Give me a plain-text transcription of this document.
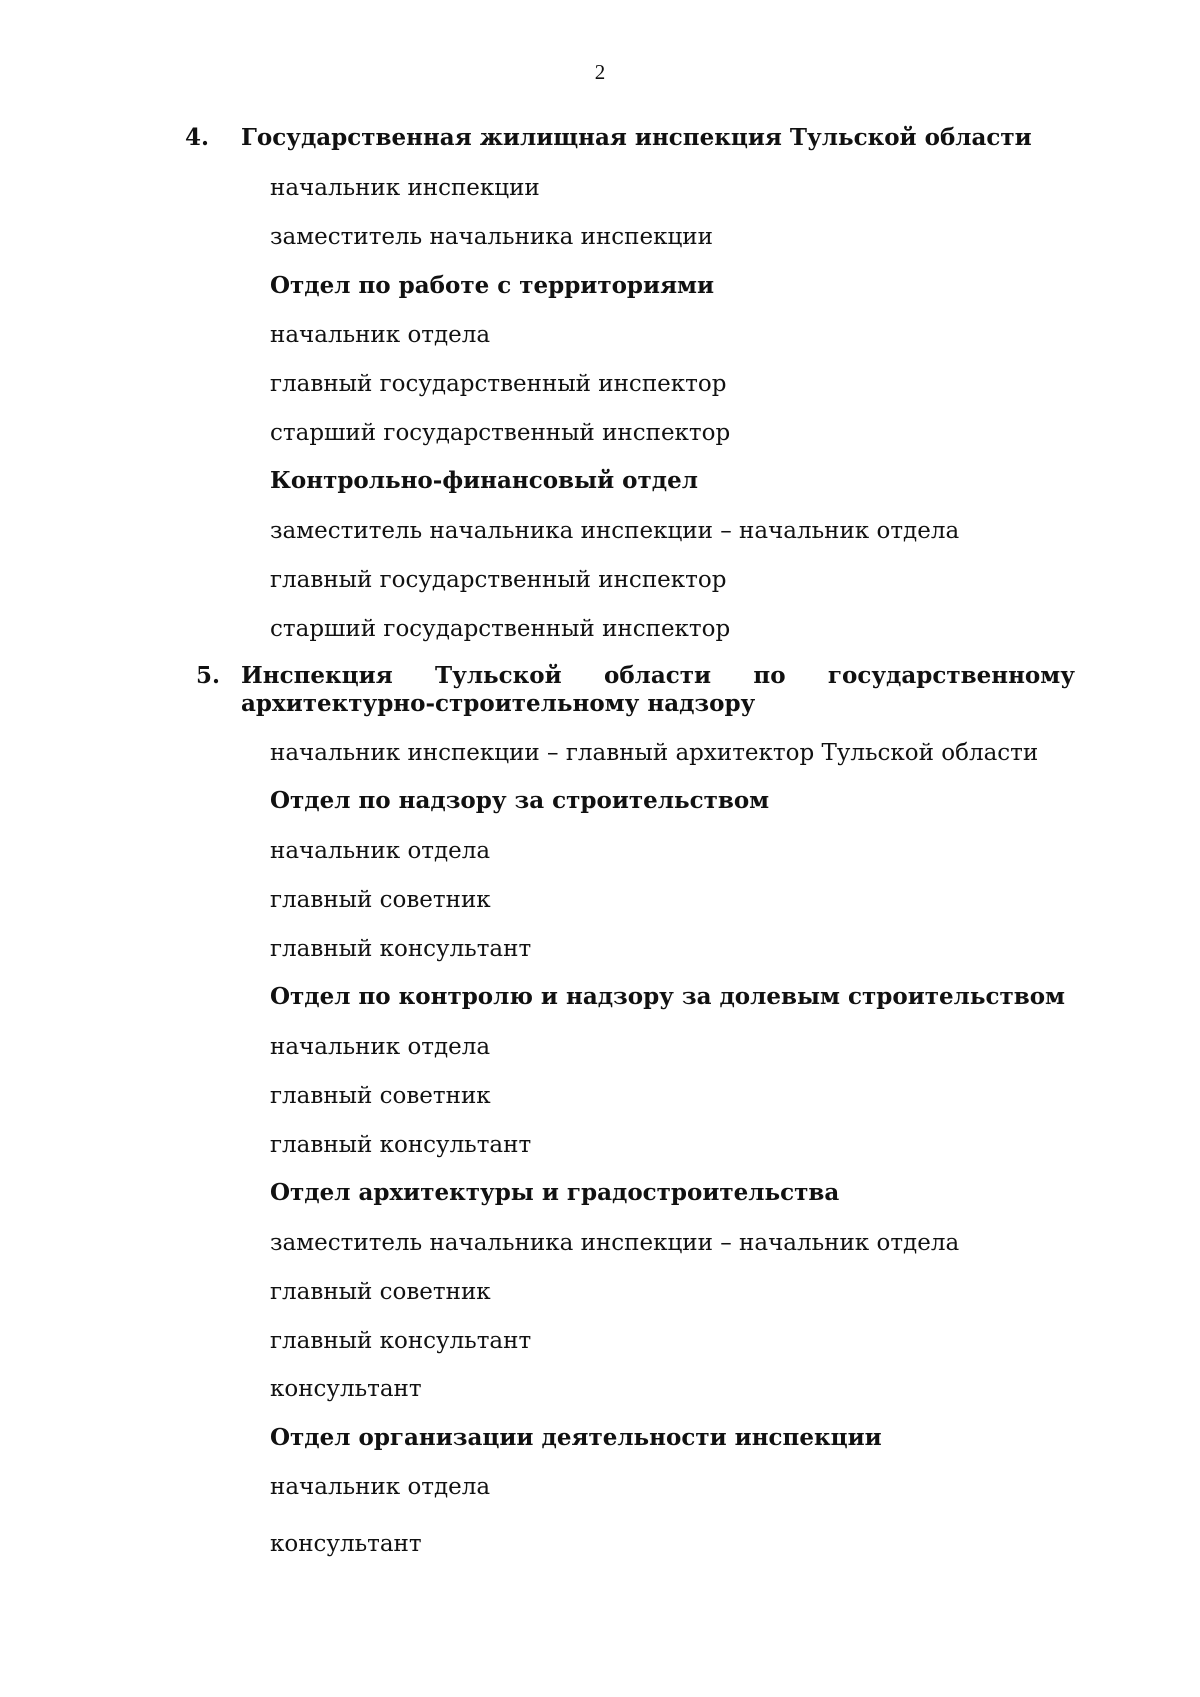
2
4. Государственная жилищная инспекция Тульской области
начальник инспекции
заместитель начальника инспекции
Отдел по работе с территориями
начальник отдела
главный государственный инспектор
старший государственный инспектор
Контрольно-финансовый отдел
заместитель начальника инспекции – начальник отдела
главный государственный инспектор
старший государственный инспектор
5. Инспекция Тульской области по государственному
архитектурно-строительному надзору
начальник инспекции – главный архитектор Тульской области
Отдел по надзору за строительством
начальник отдела
главный советник
главный консультант
Отдел по контролю и надзору за долевым строительством
начальник отдела
главный советник
главный консультант
Отдел архитектуры и градостроительства
заместитель начальника инспекции – начальник отдела
главный советник
главный консультант
консультант
Отдел организации деятельности инспекции
начальник отдела
консультант
